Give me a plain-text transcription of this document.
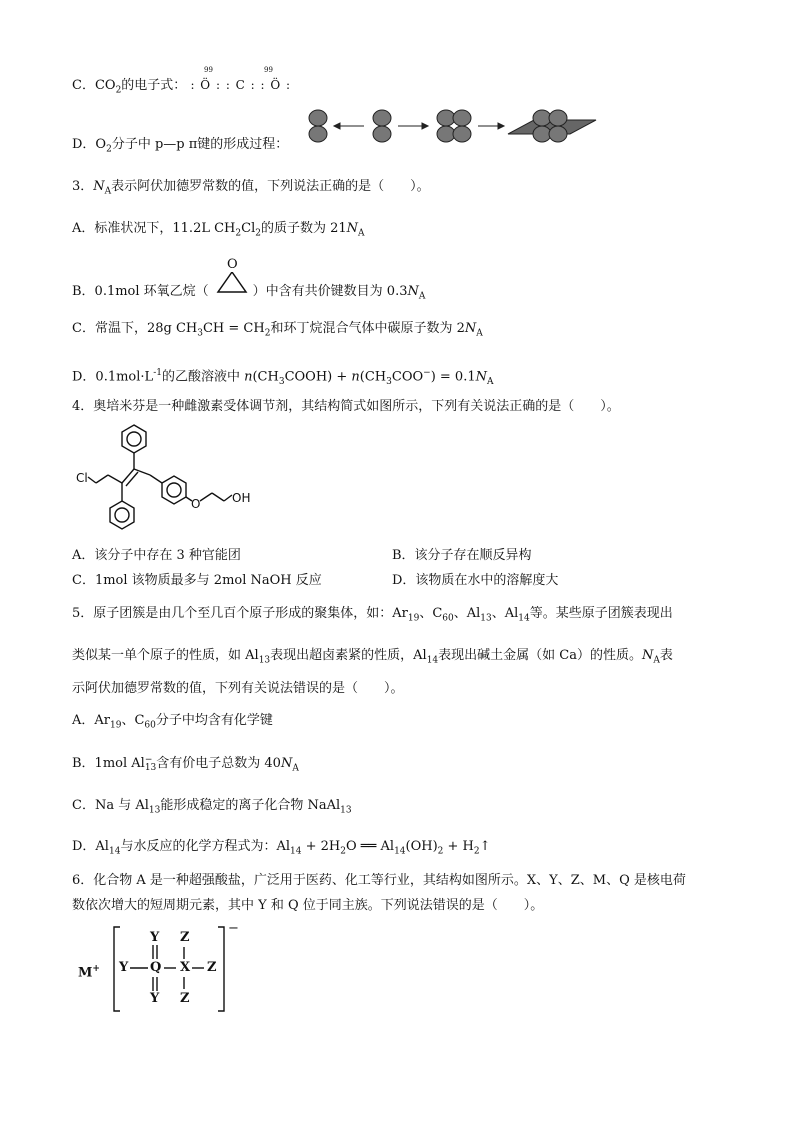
C．$CO_2$的电子式： : Ö : : C : : Ö :
99	99
D．$O_2$分子中 p—p π键的形成过程：
3．$N_A$表示阿伏加德罗常数的值，下列说法正确的是（　　）。
A．标准状况下，11.2L $CH_2Cl_2$的质子数为 $21N_A$
B．0.1mol 环氧乙烷（	）中含有共价键数目为 $0.3N_A$
O
C．常温下，28g $CH_3CH = CH_2$和环丁烷混合气体中碳原子数为 $2N_A$
D．$0.1mol\cdot L^{-1}$的乙酸溶液中 $n(CH_3COOH) + n(CH_3COO^-) = 0.1N_A$
4．奥培米芬是一种雌激素受体调节剂，其结构简式如图所示，下列有关说法正确的是（　　）。
Cl
O	OH
A．该分子中存在 3 种官能团	B．该分子存在顺反异构
C．1mol 该物质最多与 2mol NaOH 反应	D．该物质在水中的溶解度大
5．原子团簇是由几个至几百个原子形成的聚集体，如：$Ar_{19}$、$C_{60}$、$Al_{13}$、$Al_{14}$等。某些原子团簇表现出
类似某一单个原子的性质，如 $Al_{13}$表现出超卤素紧的性质，$Al_{14}$表现出碱土金属（如 Ca）的性质。$N_A$表
示阿伏加德罗常数的值，下列有关说法错误的是（　　）。
A．$Ar_{19}$、$C_{60}$分子中均含有化学键
B．1mol Al −
13 含有价电子总数为 $40N_A$
C．Na 与 $Al_{13}$能形成稳定的离子化合物 NaAl$_{13}$
D．$Al_{14}$与水反应的化学方程式为：$Al_{14} + 2H_2O$ ══ $Al_{14}(OH)_2$ + $H_2↑$
6．化合物 A 是一种超强酸盐，广泛用于医药、化工等行业，其结构如图所示。X、Y、Z、M、Q 是核电荷
数依次增大的短周期元素，其中 Y 和 Q 位于同主族。下列说法错误的是（　　）。
M+ Y Q X Z
Y
Y
Z
Z
−
